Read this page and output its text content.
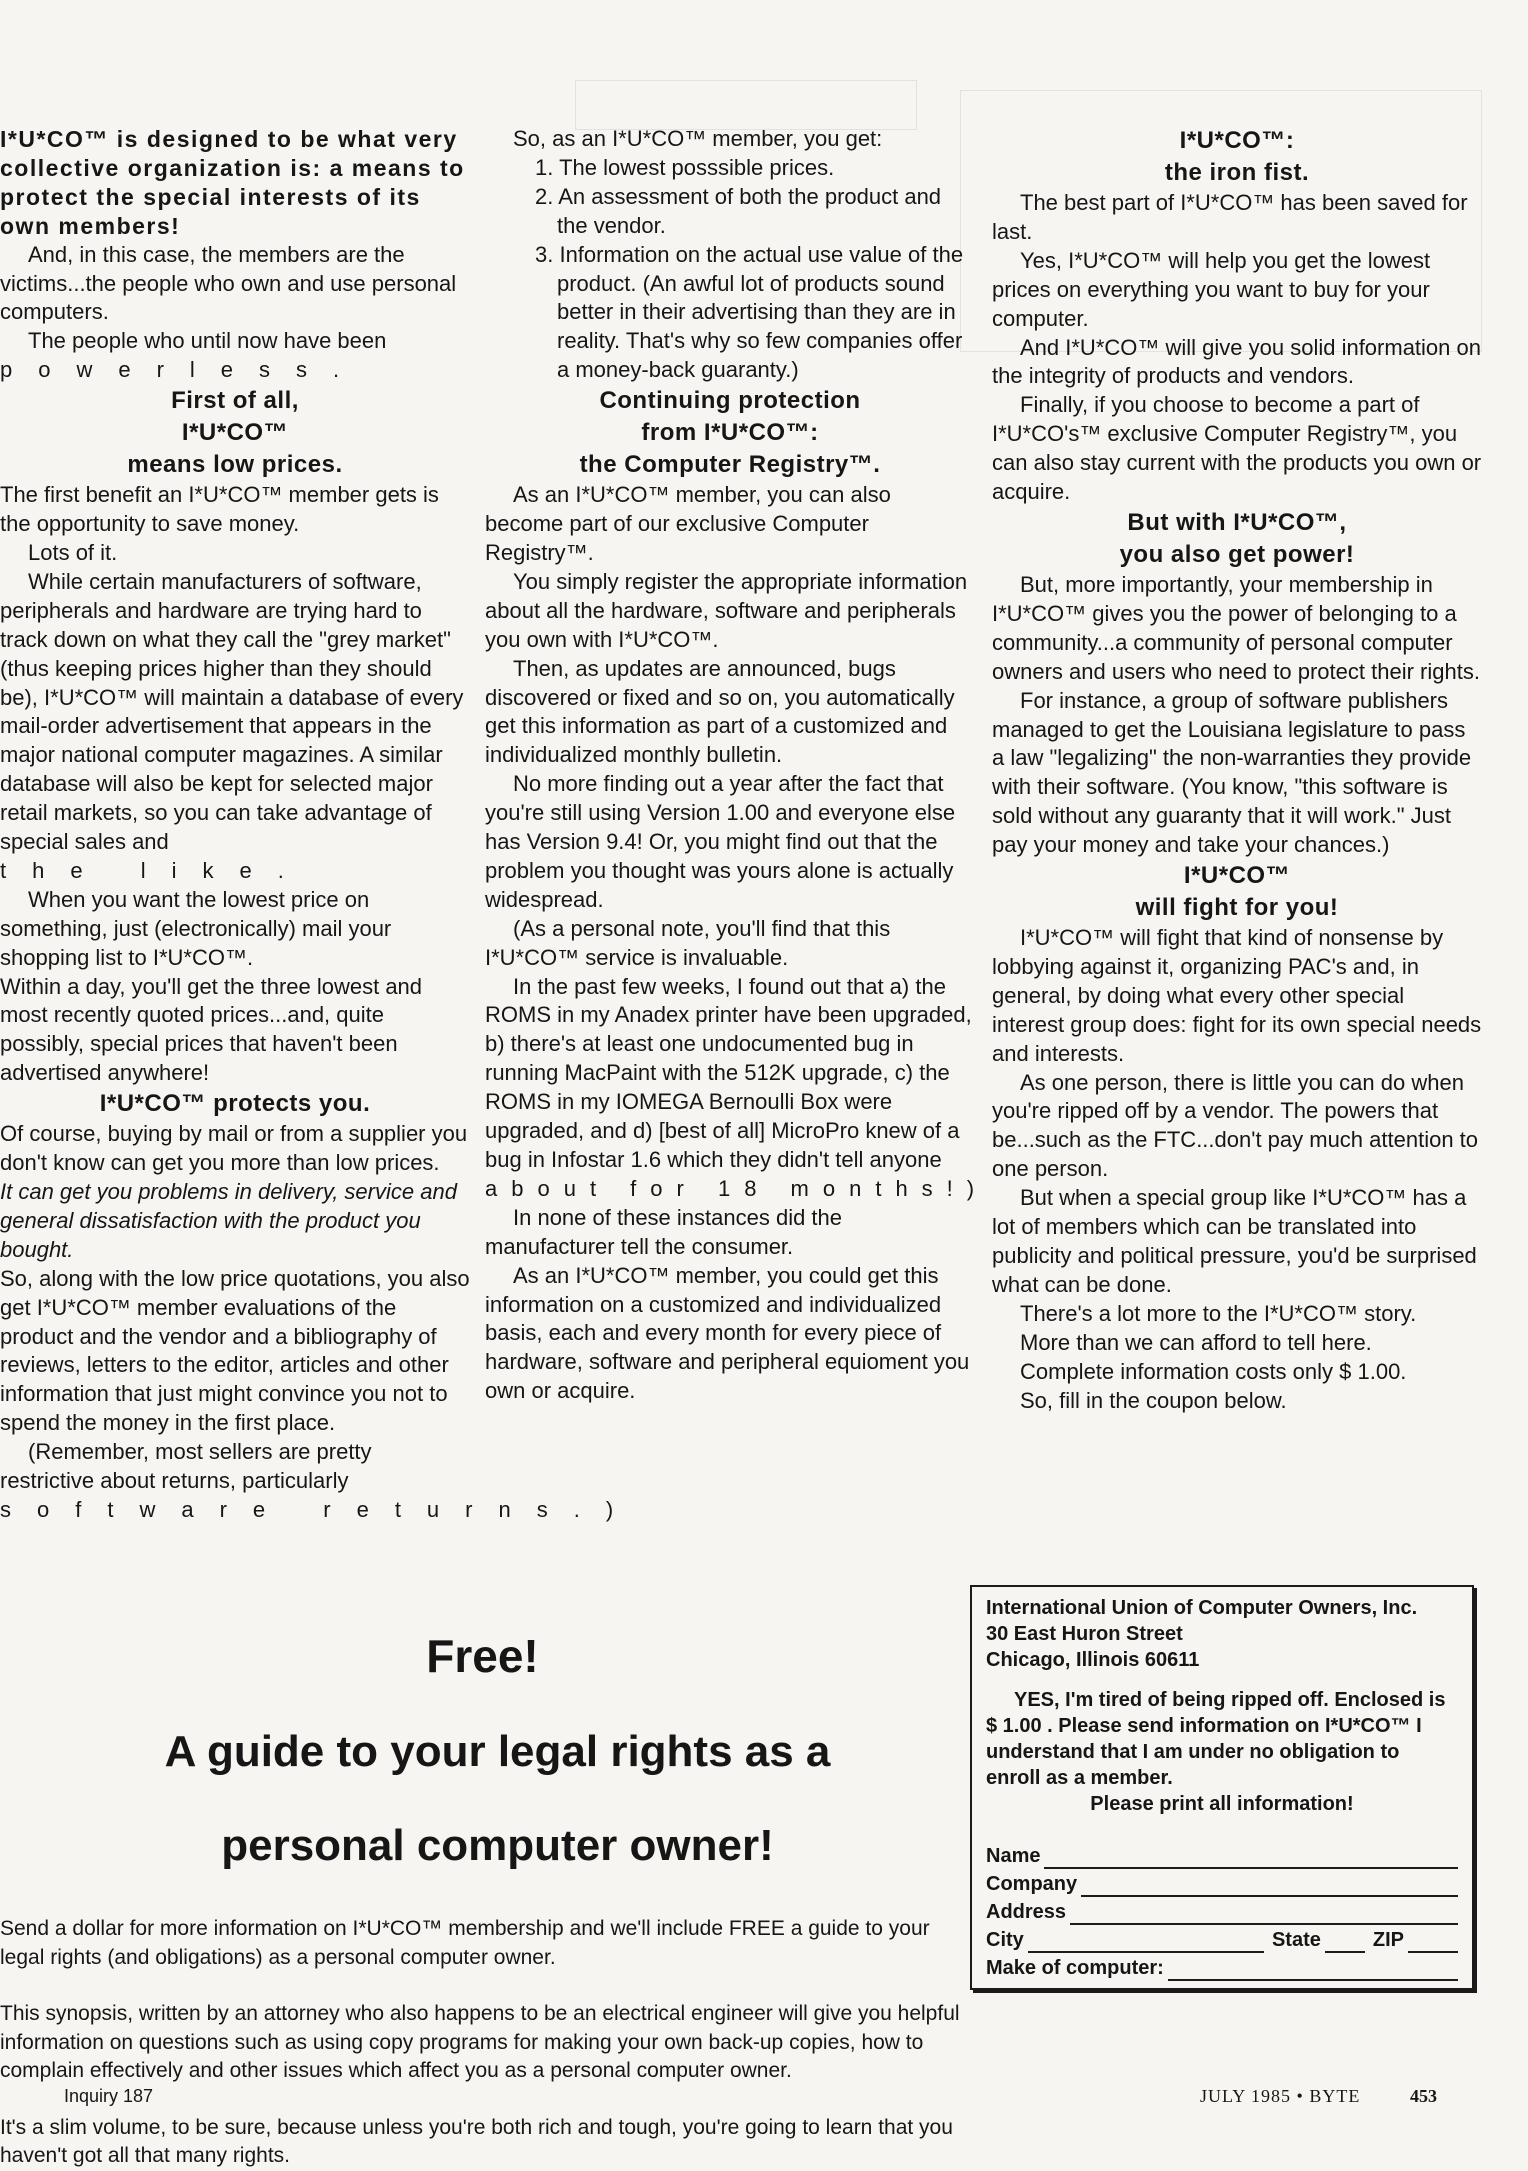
I*U*CO™ is designed to be what very collective organization is: a means to protect the special interests of its own members!

And, in this case, the members are the victims...the people who own and use personal computers.

The people who until now have been

powerless.

First of all,

I*U*CO™

means low prices.

The first benefit an I*U*CO™ member gets is the opportunity to save money.

Lots of it.

While certain manufacturers of software, peripherals and hardware are trying hard to track down on what they call the "grey market" (thus keeping prices higher than they should be), I*U*CO™ will maintain a database of every mail-order advertisement that appears in the major national computer magazines. A similar database will also be kept for selected major retail markets, so you can take advantage of special sales and

the like.

When you want the lowest price on something, just (electronically) mail your shopping list to I*U*CO™.

Within a day, you'll get the three lowest and most recently quoted prices...and, quite possibly, special prices that haven't been advertised anywhere!

I*U*CO™ protects you.

Of course, buying by mail or from a supplier you don't know can get you more than low prices.

It can get you problems in delivery, service and general dissatisfaction with the product you bought.

So, along with the low price quotations, you also get I*U*CO™ member evaluations of the product and the vendor and a bibliography of reviews, letters to the editor, articles and other information that just might convince you not to spend the money in the first place.

(Remember, most sellers are pretty restrictive about returns, particularly

software returns.)

So, as an I*U*CO™ member, you get:

1. The lowest posssible prices.

2. An assessment of both the product and the vendor.

3. Information on the actual use value of the product. (An awful lot of products sound better in their advertising than they are in reality. That's why so few companies offer a money-back guaranty.)

Continuing protection

from I*U*CO™:

the Computer Registry™.

As an I*U*CO™ member, you can also become part of our exclusive Computer Registry™.

You simply register the appropriate information about all the hardware, software and peripherals you own with I*U*CO™.

Then, as updates are announced, bugs discovered or fixed and so on, you automatically get this information as part of a customized and individualized monthly bulletin.

No more finding out a year after the fact that you're still using Version 1.00 and everyone else has Version 9.4! Or, you might find out that the problem you thought was yours alone is actually widespread.

(As a personal note, you'll find that this I*U*CO™ service is invaluable.

In the past few weeks, I found out that a) the ROMS in my Anadex printer have been upgraded, b) there's at least one undocumented bug in running MacPaint with the 512K upgrade, c) the ROMS in my IOMEGA Bernoulli Box were upgraded, and d) [best of all] MicroPro knew of a bug in Infostar 1.6 which they didn't tell anyone

about for 18 months!)

In none of these instances did the manufacturer tell the consumer.

As an I*U*CO™ member, you could get this information on a customized and individualized basis, each and every month for every piece of hardware, software and peripheral equioment you own or acquire.

I*U*CO™:

the iron fist.

The best part of I*U*CO™ has been saved for last.

Yes, I*U*CO™ will help you get the lowest prices on everything you want to buy for your computer.

And I*U*CO™ will give you solid information on the integrity of products and vendors.

Finally, if you choose to become a part of I*U*CO's™ exclusive Computer Registry™, you can also stay current with the products you own or acquire.

But with I*U*CO™,

you also get power!

But, more importantly, your membership in I*U*CO™ gives you the power of belonging to a community...a community of personal computer owners and users who need to protect their rights.

For instance, a group of software publishers managed to get the Louisiana legislature to pass a law "legalizing" the non-warranties they provide with their software. (You know, "this software is sold without any guaranty that it will work." Just pay your money and take your chances.)

I*U*CO™

will fight for you!

I*U*CO™ will fight that kind of nonsense by lobbying against it, organizing PAC's and, in general, by doing what every other special interest group does: fight for its own special needs and interests.

As one person, there is little you can do when you're ripped off by a vendor. The powers that be...such as the FTC...don't pay much attention to one person.

But when a special group like I*U*CO™ has a lot of members which can be translated into publicity and political pressure, you'd be surprised what can be done.

There's a lot more to the I*U*CO™ story.

More than we can afford to tell here.

Complete information costs only $ 1.00.

So, fill in the coupon below.

Free!

A guide to your legal rights as a

personal computer owner!

Send a dollar for more information on I*U*CO™ membership and we'll include FREE a guide to your legal rights (and obligations) as a personal computer owner.

This synopsis, written by an attorney who also happens to be an electrical engineer will give you helpful information on questions such as using copy programs for making your own back-up copies, how to complain effectively and other issues which affect you as a personal computer owner.

It's a slim volume, to be sure, because unless you're both rich and tough, you're going to learn that you haven't got all that many rights.

International Union of Computer Owners, Inc.

30 East Huron Street

Chicago, Illinois 60611

YES, I'm tired of being ripped off. Enclosed is $ 1.00 . Please send information on I*U*CO™ I understand that I am under no obligation to enroll as a member.

Please print all information!

Name
Company
Address
City	State	ZIP
Make of computer:
Inquiry 187	JULY 1985 • BYTE	453
